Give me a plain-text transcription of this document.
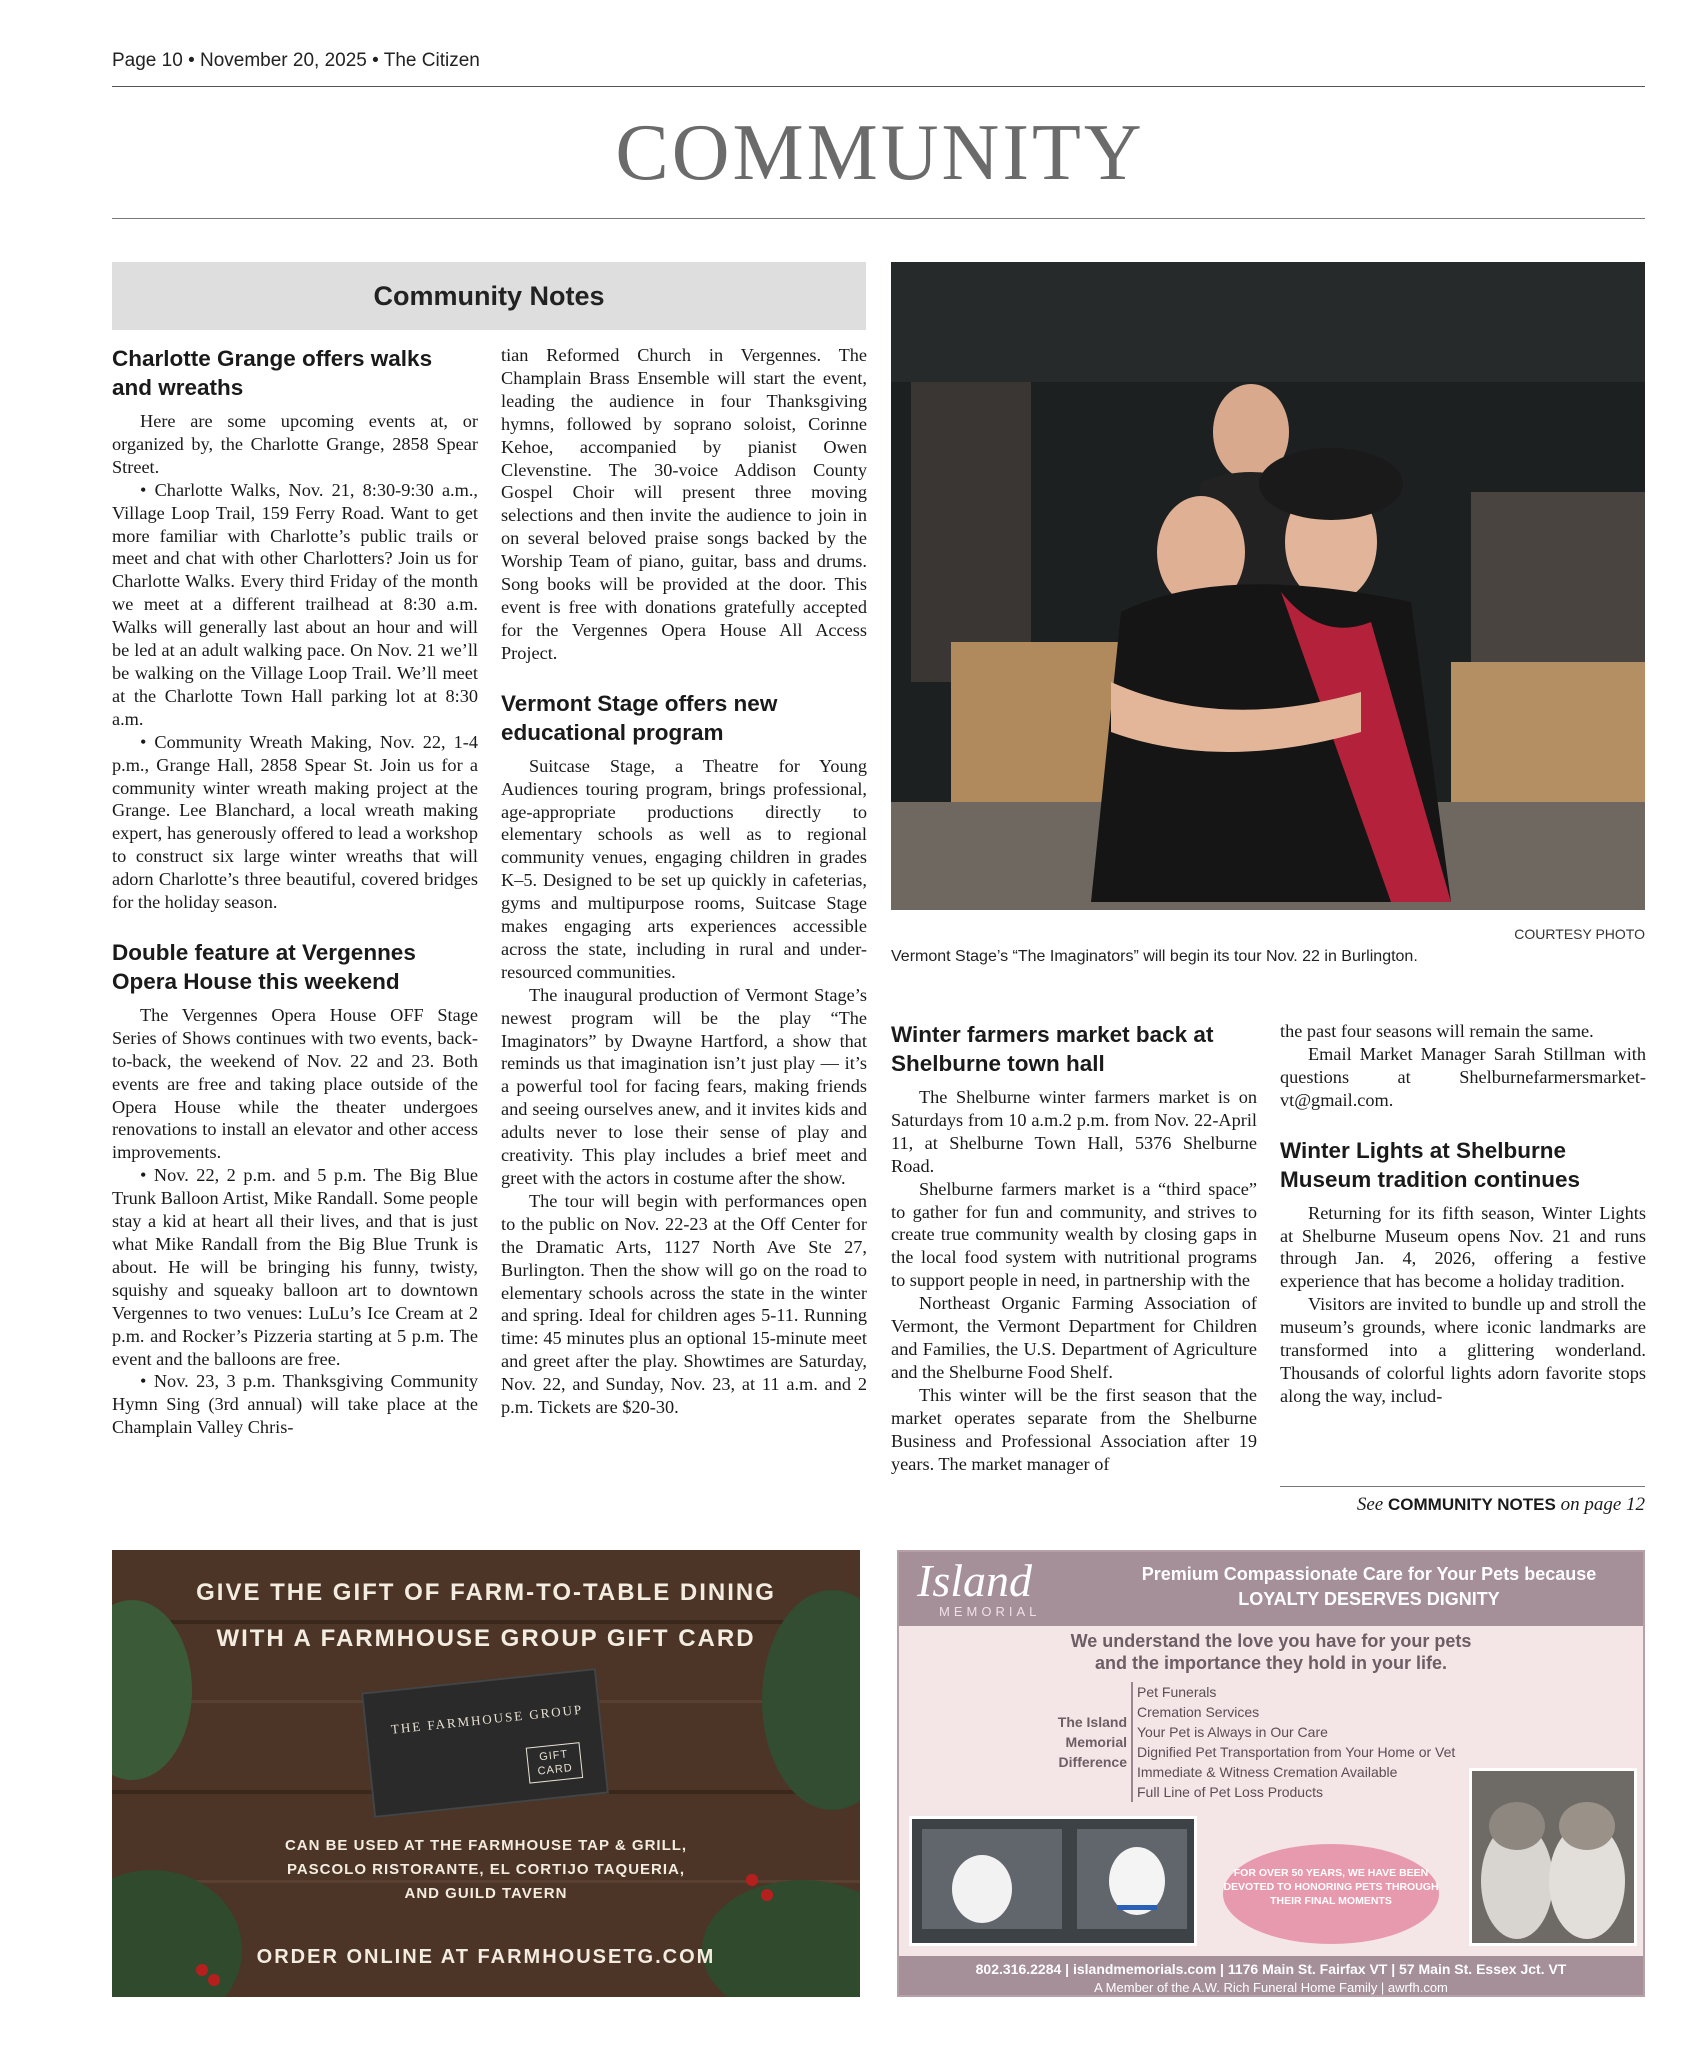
Page 10 • November 20, 2025 • The Citizen
COMMUNITY
Community Notes
Charlotte Grange offers walks and wreaths

Here are some upcoming events at, or organized by, the Charlotte Grange, 2858 Spear Street.

• Charlotte Walks, Nov. 21, 8:30-9:30 a.m., Village Loop Trail, 159 Ferry Road. Want to get more familiar with Charlotte’s public trails or meet and chat with other Charlotters? Join us for Charlotte Walks. Every third Friday of the month we meet at a different trailhead at 8:30 a.m. Walks will generally last about an hour and will be led at an adult walking pace. On Nov. 21 we’ll be walking on the Village Loop Trail. We’ll meet at the Charlotte Town Hall parking lot at 8:30 a.m.

• Community Wreath Making, Nov. 22, 1-4 p.m., Grange Hall, 2858 Spear St. Join us for a community winter wreath making project at the Grange. Lee Blanchard, a local wreath making expert, has generously offered to lead a workshop to construct six large winter wreaths that will adorn Charlotte’s three beautiful, covered bridges for the holiday season.

Double feature at Vergennes Opera House this weekend

The Vergennes Opera House OFF Stage Series of Shows continues with two events, back-to-back, the weekend of Nov. 22 and 23. Both events are free and taking place outside of the Opera House while the theater undergoes renovations to install an elevator and other access improvements.

• Nov. 22, 2 p.m. and 5 p.m. The Big Blue Trunk Balloon Artist, Mike Randall. Some people stay a kid at heart all their lives, and that is just what Mike Randall from the Big Blue Trunk is about. He will be bringing his funny, twisty, squishy and squeaky balloon art to downtown Vergennes to two venues: LuLu’s Ice Cream at 2 p.m. and Rocker’s Pizzeria starting at 5 p.m. The event and the balloons are free.

• Nov. 23, 3 p.m. Thanksgiving Community Hymn Sing (3rd annual) will take place at the Champlain Valley Chris-

tian Reformed Church in Vergennes. The Champlain Brass Ensemble will start the event, leading the audience in four Thanksgiving hymns, followed by soprano soloist, Corinne Kehoe, accompanied by pianist Owen Clevenstine. The 30-voice Addison County Gospel Choir will present three moving selections and then invite the audience to join in on several beloved praise songs backed by the Worship Team of piano, guitar, bass and drums. Song books will be provided at the door. This event is free with donations gratefully accepted for the Vergennes Opera House All Access Project.

Vermont Stage offers new educational program

Suitcase Stage, a Theatre for Young Audiences touring program, brings professional, age-appropriate productions directly to elementary schools as well as to regional community venues, engaging children in grades K–5. Designed to be set up quickly in cafeterias, gyms and multipurpose rooms, Suitcase Stage makes engaging arts experiences accessible across the state, including in rural and under-resourced communities.

The inaugural production of Vermont Stage’s newest program will be the play “The Imaginators” by Dwayne Hartford, a show that reminds us that imagination isn’t just play — it’s a powerful tool for facing fears, making friends and seeing ourselves anew, and it invites kids and adults never to lose their sense of play and creativity. This play includes a brief meet and greet with the actors in costume after the show.

The tour will begin with performances open to the public on Nov. 22-23 at the Off Center for the Dramatic Arts, 1127 North Ave Ste 27, Burlington. Then the show will go on the road to elementary schools across the state in the winter and spring. Ideal for children ages 5-11. Running time: 45 minutes plus an optional 15-minute meet and greet after the play. Showtimes are Saturday, Nov. 22, and Sunday, Nov. 23, at 11 a.m. and 2 p.m. Tickets are $20-30.

COURTESY PHOTO
Vermont Stage’s “The Imaginators” will begin its tour Nov. 22 in Burlington.
Winter farmers market back at Shelburne town hall

The Shelburne winter farmers market is on Saturdays from 10 a.m.2 p.m. from Nov. 22-April 11, at Shelburne Town Hall, 5376 Shelburne Road.

Shelburne farmers market is a “third space” to gather for fun and community, and strives to create true community wealth by closing gaps in the local food system with nutritional programs to support people in need, in partnership with the

Northeast Organic Farming Association of Vermont, the Vermont Department for Children and Families, the U.S. Department of Agriculture and the Shelburne Food Shelf.

This winter will be the first season that the market operates separate from the Shelburne Business and Professional Association after 19 years. The market manager of

the past four seasons will remain the same.

Email Market Manager Sarah Stillman with questions at Shelburnefarmersmarket-vt@gmail.com.

Winter Lights at Shelburne Museum tradition continues

Returning for its fifth season, Winter Lights at Shelburne Museum opens Nov. 21 and runs through Jan. 4, 2026, offering a festive experience that has become a holiday tradition.

Visitors are invited to bundle up and stroll the museum’s grounds, where iconic landmarks are transformed into a glittering wonderland. Thousands of colorful lights adorn favorite stops along the way, includ-

See COMMUNITY NOTES on page 12
GIVE THE GIFT OF FARM-TO-TABLE DINING
WITH A FARMHOUSE GROUP GIFT CARD
THE FARMHOUSE GROUP
GIFT CARD
CAN BE USED AT THE FARMHOUSE TAP & GRILL,
PASCOLO RISTORANTE, EL CORTIJO TAQUERIA,
AND GUILD TAVERN
ORDER ONLINE AT FARMHOUSETG.COM
Island
MEMORIAL
Premium Compassionate Care for Your Pets because
LOYALTY DESERVES DIGNITY
We understand the love you have for your pets
and the importance they hold in your life.
The Island Memorial Difference
Pet Funerals
Cremation Services
Your Pet is Always in Our Care
Dignified Pet Transportation from Your Home or Vet
Immediate & Witness Cremation Available
Full Line of Pet Loss Products
FOR OVER 50 YEARS, WE HAVE BEEN DEVOTED TO HONORING PETS THROUGH THEIR FINAL MOMENTS
802.316.2284 | islandmemorials.com | 1176 Main St. Fairfax VT | 57 Main St. Essex Jct. VT
A Member of the A.W. Rich Funeral Home Family | awrfh.com
